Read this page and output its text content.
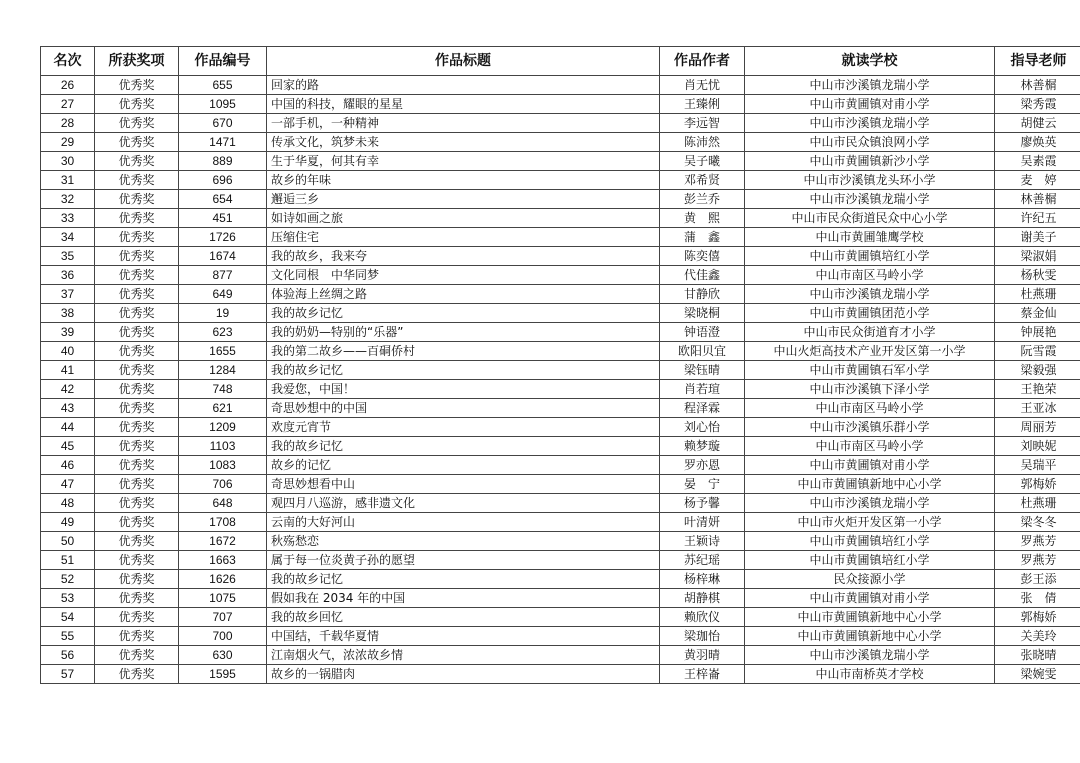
名次	所获奖项	作品编号	作品标题	作品作者	就读学校	指导老师
26	优秀奖	655	回家的路	肖无忧	中山市沙溪镇龙瑞小学	林善榍
27	优秀奖	1095	中国的科技，耀眼的星星	王臻俐	中山市黄圃镇对甫小学	梁秀霞
28	优秀奖	670	一部手机，一种精神	李远智	中山市沙溪镇龙瑞小学	胡健云
29	优秀奖	1471	传承文化，筑梦未来	陈沛然	中山市民众镇浪网小学	廖焕英
30	优秀奖	889	生于华夏，何其有幸	吴子曦	中山市黄圃镇新沙小学	吴素霞
31	优秀奖	696	故乡的年味	邓希贤	中山市沙溪镇龙头环小学	麦　婷
32	优秀奖	654	邂逅三乡	彭兰乔	中山市沙溪镇龙瑞小学	林善榍
33	优秀奖	451	如诗如画之旅	黄　熙	中山市民众街道民众中心小学	许纪五
34	优秀奖	1726	压缩住宅	蒲　鑫	中山市黄圃雏鹰学校	谢美子
35	优秀奖	1674	我的故乡，我来夸	陈奕僖	中山市黄圃镇培红小学	梁淑娟
36	优秀奖	877	文化同根　中华同梦	代佳鑫	中山市南区马岭小学	杨秋雯
37	优秀奖	649	体验海上丝绸之路	甘静欣	中山市沙溪镇龙瑞小学	杜燕珊
38	优秀奖	19	我的故乡记忆	梁晓桐	中山市黄圃镇团范小学	蔡金仙
39	优秀奖	623	我的奶奶—特别的“乐器”	钟语澄	中山市民众街道育才小学	钟展艳
40	优秀奖	1655	我的第二故乡——百硐侨村	欧阳贝宜	中山火炬高技术产业开发区第一小学	阮雪霞
41	优秀奖	1284	我的故乡记忆	梁钰晴	中山市黄圃镇石军小学	梁毅强
42	优秀奖	748	我爱您，中国！	肖若瑄	中山市沙溪镇下泽小学	王艳荣
43	优秀奖	621	奇思妙想中的中国	程泽霖	中山市南区马岭小学	王亚冰
44	优秀奖	1209	欢度元宵节	刘心怡	中山市沙溪镇乐群小学	周丽芳
45	优秀奖	1103	我的故乡记忆	赖梦璇	中山市南区马岭小学	刘映妮
46	优秀奖	1083	故乡的记忆	罗亦恩	中山市黄圃镇对甫小学	吴瑞平
47	优秀奖	706	奇思妙想看中山	晏　宁	中山市黄圃镇新地中心小学	郭梅娇
48	优秀奖	648	观四月八巡游，感非遗文化	杨予馨	中山市沙溪镇龙瑞小学	杜燕珊
49	优秀奖	1708	云南的大好河山	叶清妍	中山市火炬开发区第一小学	梁冬冬
50	优秀奖	1672	秋殇愁恋	王颖诗	中山市黄圃镇培红小学	罗燕芳
51	优秀奖	1663	属于每一位炎黄子孙的愿望	苏纪瑶	中山市黄圃镇培红小学	罗燕芳
52	优秀奖	1626	我的故乡记忆	杨梓琳	民众接源小学	彭王添
53	优秀奖	1075	假如我在 2034 年的中国	胡静棋	中山市黄圃镇对甫小学	张　倩
54	优秀奖	707	我的故乡回忆	赖欣仪	中山市黄圃镇新地中心小学	郭梅娇
55	优秀奖	700	中国结，千载华夏情	梁珈怡	中山市黄圃镇新地中心小学	关美玲
56	优秀奖	630	江南烟火气，浓浓故乡情	黄羽晴	中山市沙溪镇龙瑞小学	张晓晴
57	优秀奖	1595	故乡的一锅腊肉	王梓崙	中山市南桥英才学校	梁婉雯
